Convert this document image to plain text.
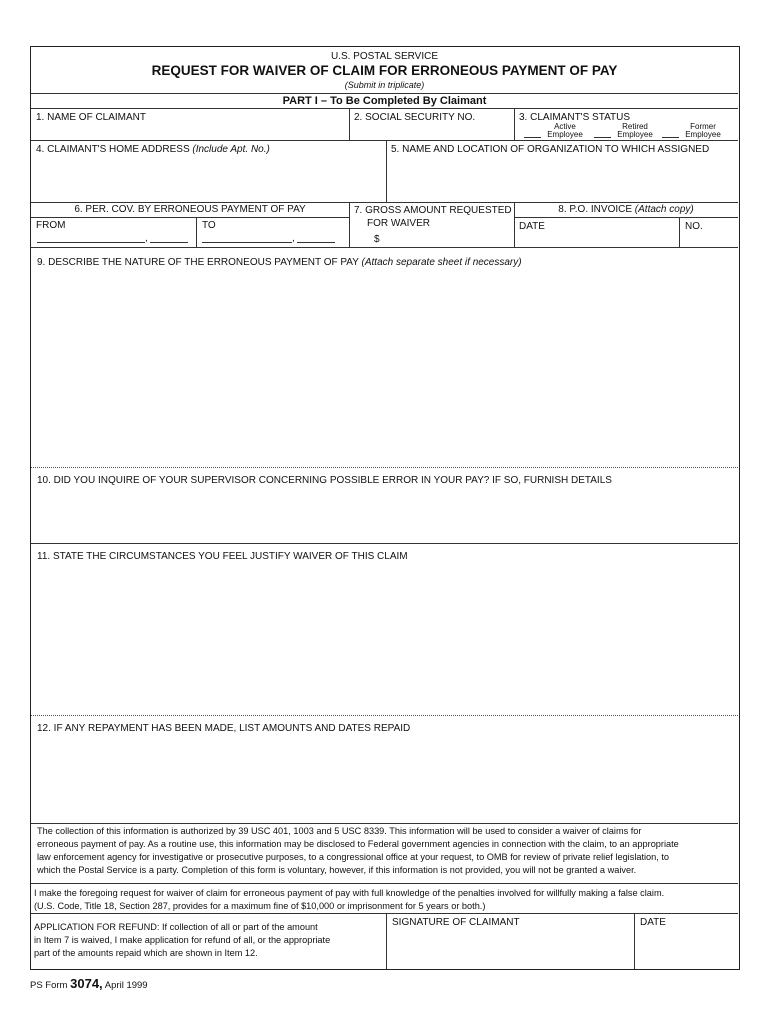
U.S. POSTAL SERVICE
REQUEST FOR WAIVER OF CLAIM FOR ERRONEOUS PAYMENT OF PAY
(Submit in triplicate)
PART I – To Be Completed By Claimant
1. NAME OF CLAIMANT	2. SOCIAL SECURITY NO.	3. CLAIMANT'S STATUS
Active
Employee
Retired
Employee
Former
Employee
4. CLAIMANT'S HOME ADDRESS (Include Apt. No.)	5. NAME AND LOCATION OF ORGANIZATION TO WHICH ASSIGNED
6. PER. COV. BY ERRONEOUS PAYMENT OF PAY
FROM
,
TO
,
7. GROSS AMOUNT REQUESTED
FOR WAIVER
$
8. P.O. INVOICE (Attach copy)
DATE	NO.
9. DESCRIBE THE NATURE OF THE ERRONEOUS PAYMENT OF PAY (Attach separate sheet if necessary)
10. DID YOU INQUIRE OF YOUR SUPERVISOR CONCERNING POSSIBLE ERROR IN YOUR PAY? IF SO, FURNISH DETAILS
11. STATE THE CIRCUMSTANCES YOU FEEL JUSTIFY WAIVER OF THIS CLAIM
12. IF ANY REPAYMENT HAS BEEN MADE, LIST AMOUNTS AND DATES REPAID
The collection of this information is authorized by 39 USC 401, 1003 and 5 USC 8339. This information will be used to consider a waiver of claims for
erroneous payment of pay. As a routine use, this information may be disclosed to Federal government agencies in connection with the claim, to an appropriate
law enforcement agency for investigative or prosecutive purposes, to a congressional office at your request, to OMB for review of private relief legislation, to
which the Postal Service is a party. Completion of this form is voluntary, however, if this information is not provided, you will not be granted a waiver.
I make the foregoing request for waiver of claim for erroneous payment of pay with full knowledge of the penalties involved for willfully making a false claim.
(U.S. Code, Title 18, Section 287, provides for a maximum fine of $10,000 or imprisonment for 5 years or both.)
APPLICATION FOR REFUND: If collection of all or part of the amount
in Item 7 is waived, I make application for refund of all, or the appropriate
part of the amounts repaid which are shown in Item 12.
SIGNATURE OF CLAIMANT	DATE
PS Form 3074, April 1999
